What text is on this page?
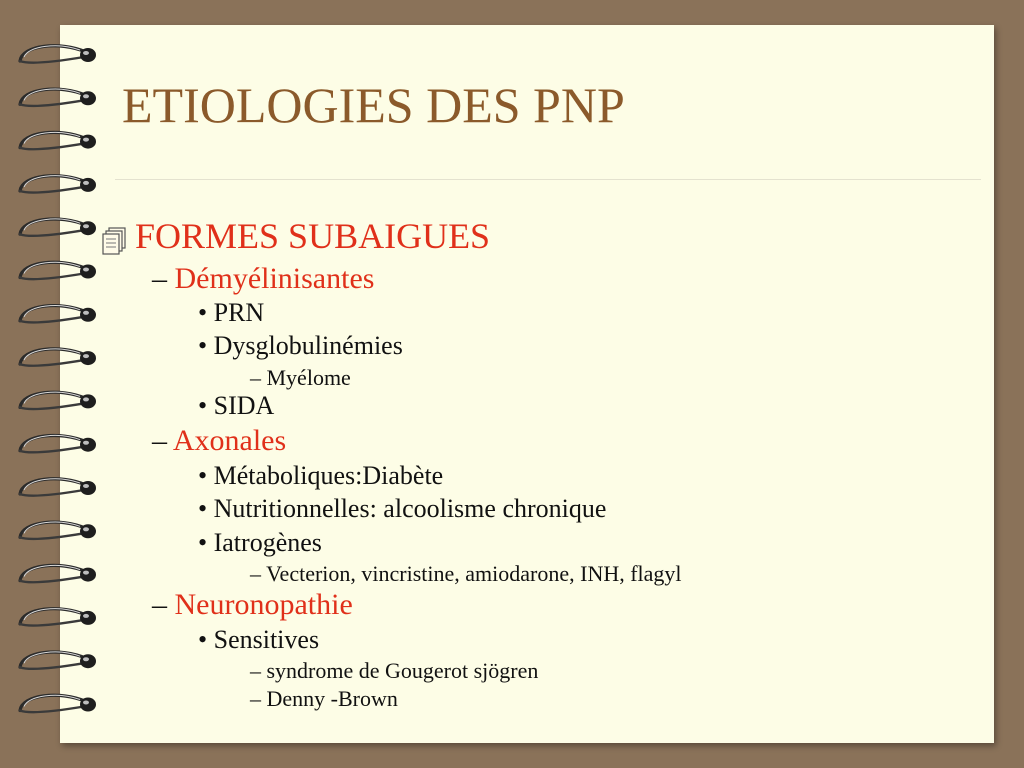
ETIOLOGIES DES PNP
FORMES SUBAIGUES
– Démyélinisantes
• PRN
• Dysglobulinémies
– Myélome
• SIDA
– Axonales
• Métaboliques:Diabète
• Nutritionnelles: alcoolisme chronique
• Iatrogènes
– Vecterion, vincristine, amiodarone, INH, flagyl
– Neuronopathie
• Sensitives
– syndrome de Gougerot sjögren
– Denny -Brown
